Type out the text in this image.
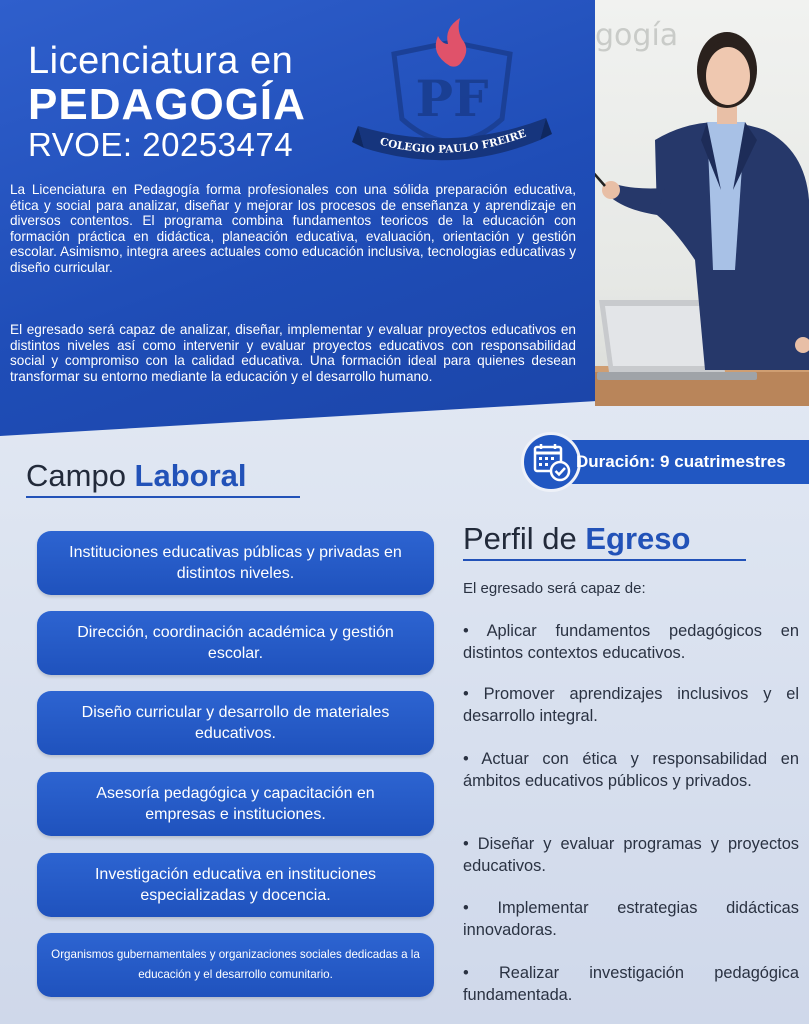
Licenciatura en
PEDAGOGÍA
RVOE: 20253474
PF
COLEGIO PAULO FREIRE

La Licenciatura en Pedagogía forma profesionales con una sólida preparación educativa, ética y social para analizar, diseñar y mejorar los procesos de enseñanza y aprendizaje en diversos contentos. El programa combina fundamentos teoricos de la educación con formación práctica en didáctica, planeación educativa, evaluación, orientación y gestión escolar. Asimismo, integra arees actuales como educación inclusiva, tecnologias educativas y diseño curricular.

El egresado será capaz de analizar, diseñar, implementar y evaluar proyectos educativos en distintos niveles así como intervenir y evaluar proyectos educativos con responsabilidad social y compromiso con la calidad educativa. Una formación ideal para quienes desean transformar su entorno mediante la educación y el desarrollo humano.

gogía
Duración: 9 cuatrimestres
Campo Laboral
Instituciones educativas públicas y privadas en distintos niveles.
Dirección, coordinación académica y gestión escolar.
Diseño curricular y desarrollo de materiales educativos.
Asesoría pedagógica y capacitación en empresas e instituciones.
Investigación educativa en instituciones especializadas y docencia.
Organismos gubernamentales y organizaciones sociales dedicadas a la educación y el desarrollo comunitario.
Perfil de Egreso
El egresado será capaz de:
• Aplicar fundamentos pedagógicos en distintos contextos educativos.
• Promover aprendizajes inclusivos y el desarrollo integral.
• Actuar con ética y responsabilidad en ámbitos educativos públicos y privados.
• Diseñar y evaluar programas y proyectos educativos.
• Implementar estrategias didácticas innovadoras.
• Realizar investigación pedagógica fundamentada.
